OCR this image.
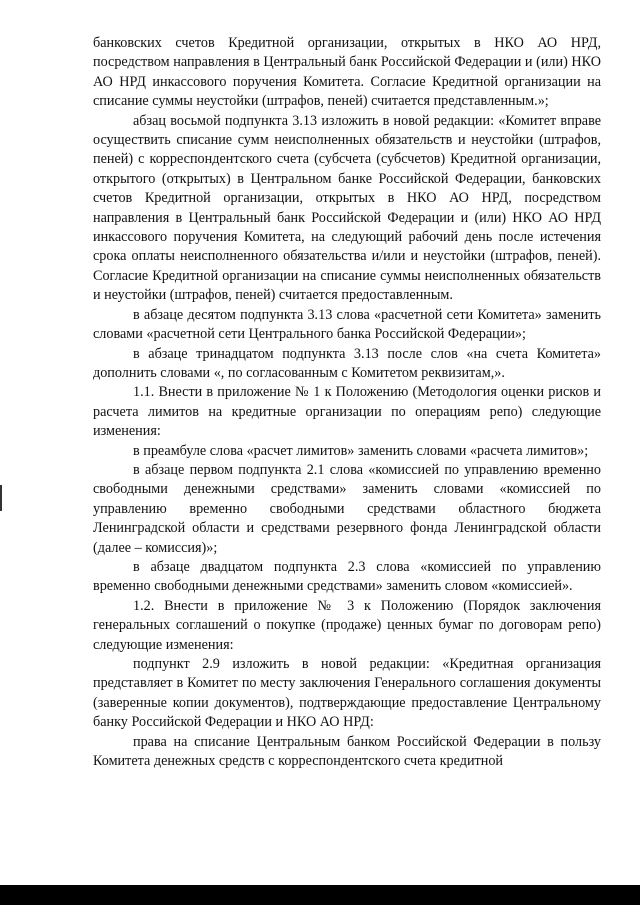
банковских счетов Кредитной организации, открытых в НКО АО НРД, посредством направления в Центральный банк Российской Федерации и (или) НКО АО НРД инкассового поручения Комитета. Согласие Кредитной организации на списание суммы неустойки (штрафов, пеней) считается представленным.»;

абзац восьмой подпункта 3.13 изложить в новой редакции: «Комитет вправе осуществить списание сумм неисполненных обязательств и неустойки (штрафов, пеней) с корреспондентского счета (субсчета (субсчетов) Кредитной организации, открытого (открытых) в Центральном банке Российской Федерации, банковских счетов Кредитной организации, открытых в НКО АО НРД, посредством направления в Центральный банк Российской Федерации и (или) НКО АО НРД инкассового поручения Комитета, на следующий рабочий день после истечения срока оплаты неисполненного обязательства и/или и неустойки (штрафов, пеней). Согласие Кредитной организации на списание суммы неисполненных обязательств и неустойки (штрафов, пеней) считается предоставленным.

в абзаце десятом подпункта 3.13 слова «расчетной сети Комитета» заменить словами «расчетной сети Центрального банка Российской Федерации»;

в абзаце тринадцатом подпункта 3.13 после слов «на счета Комитета» дополнить словами «, по согласованным с Комитетом реквизитам,».

1.1. Внести в приложение № 1 к Положению (Методология оценки рисков и расчета лимитов на кредитные организации по операциям репо) следующие изменения:

в преамбуле слова «расчет лимитов» заменить словами «расчета лимитов»;

в абзаце первом подпункта 2.1 слова «комиссией по управлению временно свободными денежными средствами» заменить словами «комиссией по управлению временно свободными средствами областного бюджета Ленинградской области и средствами резервного фонда Ленинградской области (далее – комиссия)»;

в абзаце двадцатом подпункта 2.3 слова «комиссией по управлению временно свободными денежными средствами» заменить словом «комиссией».

1.2. Внести в приложение № 3 к Положению (Порядок заключения генеральных соглашений о покупке (продаже) ценных бумаг по договорам репо) следующие изменения:

подпункт 2.9 изложить в новой редакции: «Кредитная организация представляет в Комитет по месту заключения Генерального соглашения документы (заверенные копии документов), подтверждающие предоставление Центральному банку Российской Федерации и НКО АО НРД:

права на списание Центральным банком Российской Федерации в пользу Комитета денежных средств с корреспондентского счета кредитной
